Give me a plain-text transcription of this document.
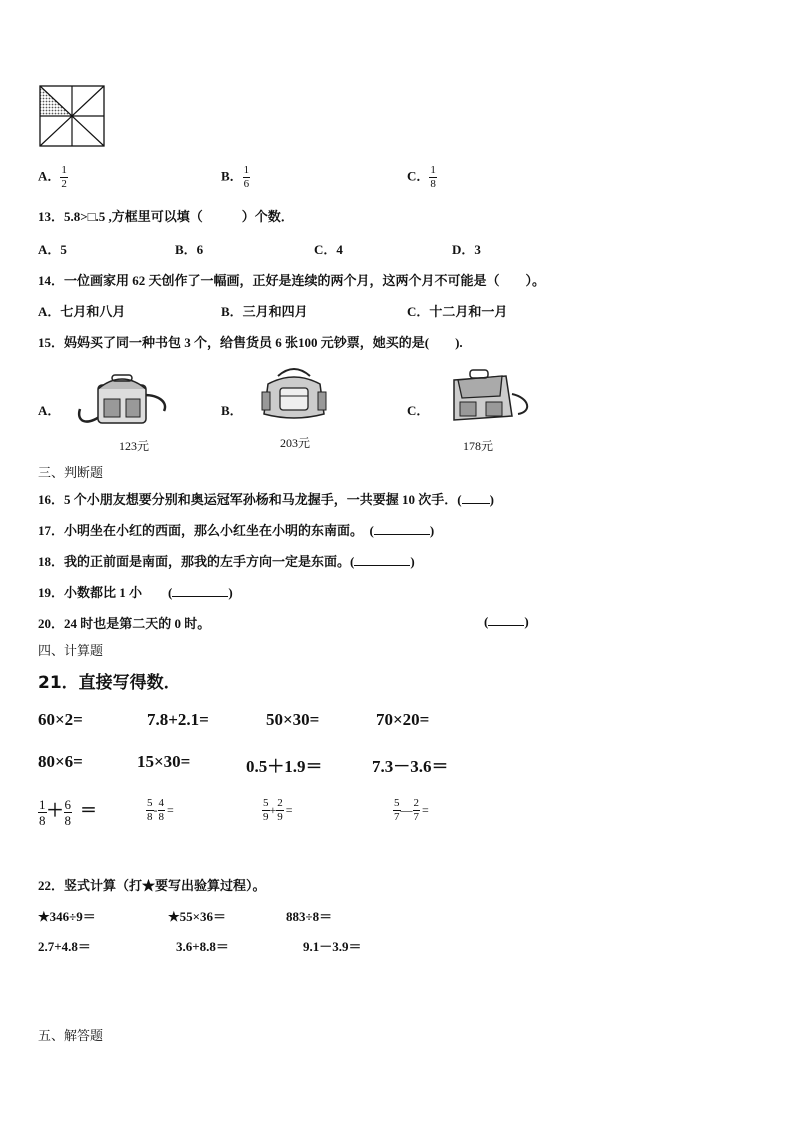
A． $\frac{1}{2}$	B． $\frac{1}{6}$	C． $\frac{1}{8}$
13．5.8>□.5 ,方框里可以填（　　　）个数．
A．5	B．6	C．4	D．3
14．一位画家用 62 天创作了一幅画，正好是连续的两个月，这两个月不可能是（　　）。
A．七月和八月	B．三月和四月	C．十二月和一月
15．妈妈买了同一种书包 3 个，给售货员 6 张100 元钞票，她买的是(　　).
A．
123元
B．
203元
C．
178元
三、判断题
16．5 个小朋友想要分别和奥运冠军孙杨和马龙握手，一共要握 10 次手．( )
17．小明坐在小红的西面，那么小红坐在小明的东南面。　(	)
18．我的正前面是南面，那我的左手方向一定是东面。(	)
19．小数都比 1 小　　(	)
20．24 时也是第二天的 0 时。	(	)
四、计算题
21．直接写得数．
60×2=	7.8+2.1=	50×30=	70×20=
80×6=	15×30=	0.5＋1.9＝	7.3－3.6＝
$\frac{1}{8} + \frac{6}{8}$ ＝	$\frac{5}{8} - \frac{4}{8}$ =	$\frac{5}{9} + \frac{2}{9}$ =	$\frac{5}{7}$ — $\frac{2}{7}$ =
22．竖式计算（打★要写出验算过程）。
★346÷9＝	★55×36＝	883÷8＝
2.7+4.8＝	3.6+8.8＝	9.1－3.9＝
五、解答题
